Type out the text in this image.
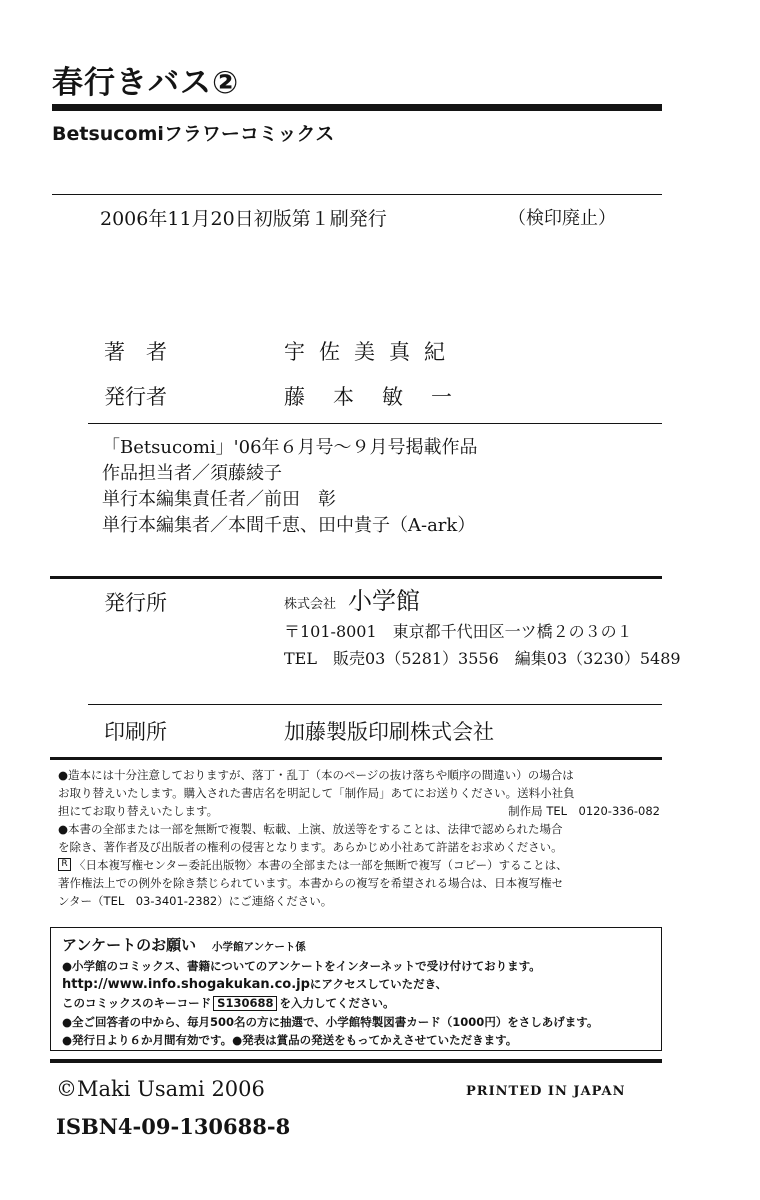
春行きバス②
Betsucomiフラワーコミックス
2006年11月20日初版第１刷発行	（検印廃止）
著　者	宇佐美真紀
発行者	藤本敏一
「Betsucomi」'06年６月号～９月号掲載作品
作品担当者／須藤綾子
単行本編集責任者／前田　彰
単行本編集者／本間千恵、田中貴子（A-ark）
発行所	株式会社 小学館
〒101-8001　東京都千代田区一ツ橋２の３の１
TEL　販売03（5281）3556　編集03（3230）5489
印刷所	加藤製版印刷株式会社
●造本には十分注意しておりますが、落丁・乱丁（本のページの抜け落ちや順序の間違い）の場合は
お取り替えいたします。購入された書店名を明記して「制作局」あてにお送りください。送料小社負
担にてお取り替えいたします。	制作局 TEL　0120-336-082
●本書の全部または一部を無断で複製、転載、上演、放送等をすることは、法律で認められた場合
を除き、著作者及び出版者の権利の侵害となります。あらかじめ小社あて許諾をお求めください。
R 〈日本複写権センター委託出版物〉本書の全部または一部を無断で複写（コピー）することは、
著作権法上での例外を除き禁じられています。本書からの複写を希望される場合は、日本複写権セ
ンター（TEL　03-3401-2382）にご連絡ください。
アンケートのお願い 小学館アンケート係
●小学館のコミックス、書籍についてのアンケートをインターネットで受け付けております。
http://www.info.shogakukan.co.jpにアクセスしていただき、
このコミックスのキーコード S130688 を入力してください。
●全ご回答者の中から、毎月500名の方に抽選で、小学館特製図書カード（1000円）をさしあげます。
●発行日より６か月間有効です。●発表は賞品の発送をもってかえさせていただきます。
©Maki Usami 2006	PRINTED IN JAPAN
ISBN4-09-130688-8
